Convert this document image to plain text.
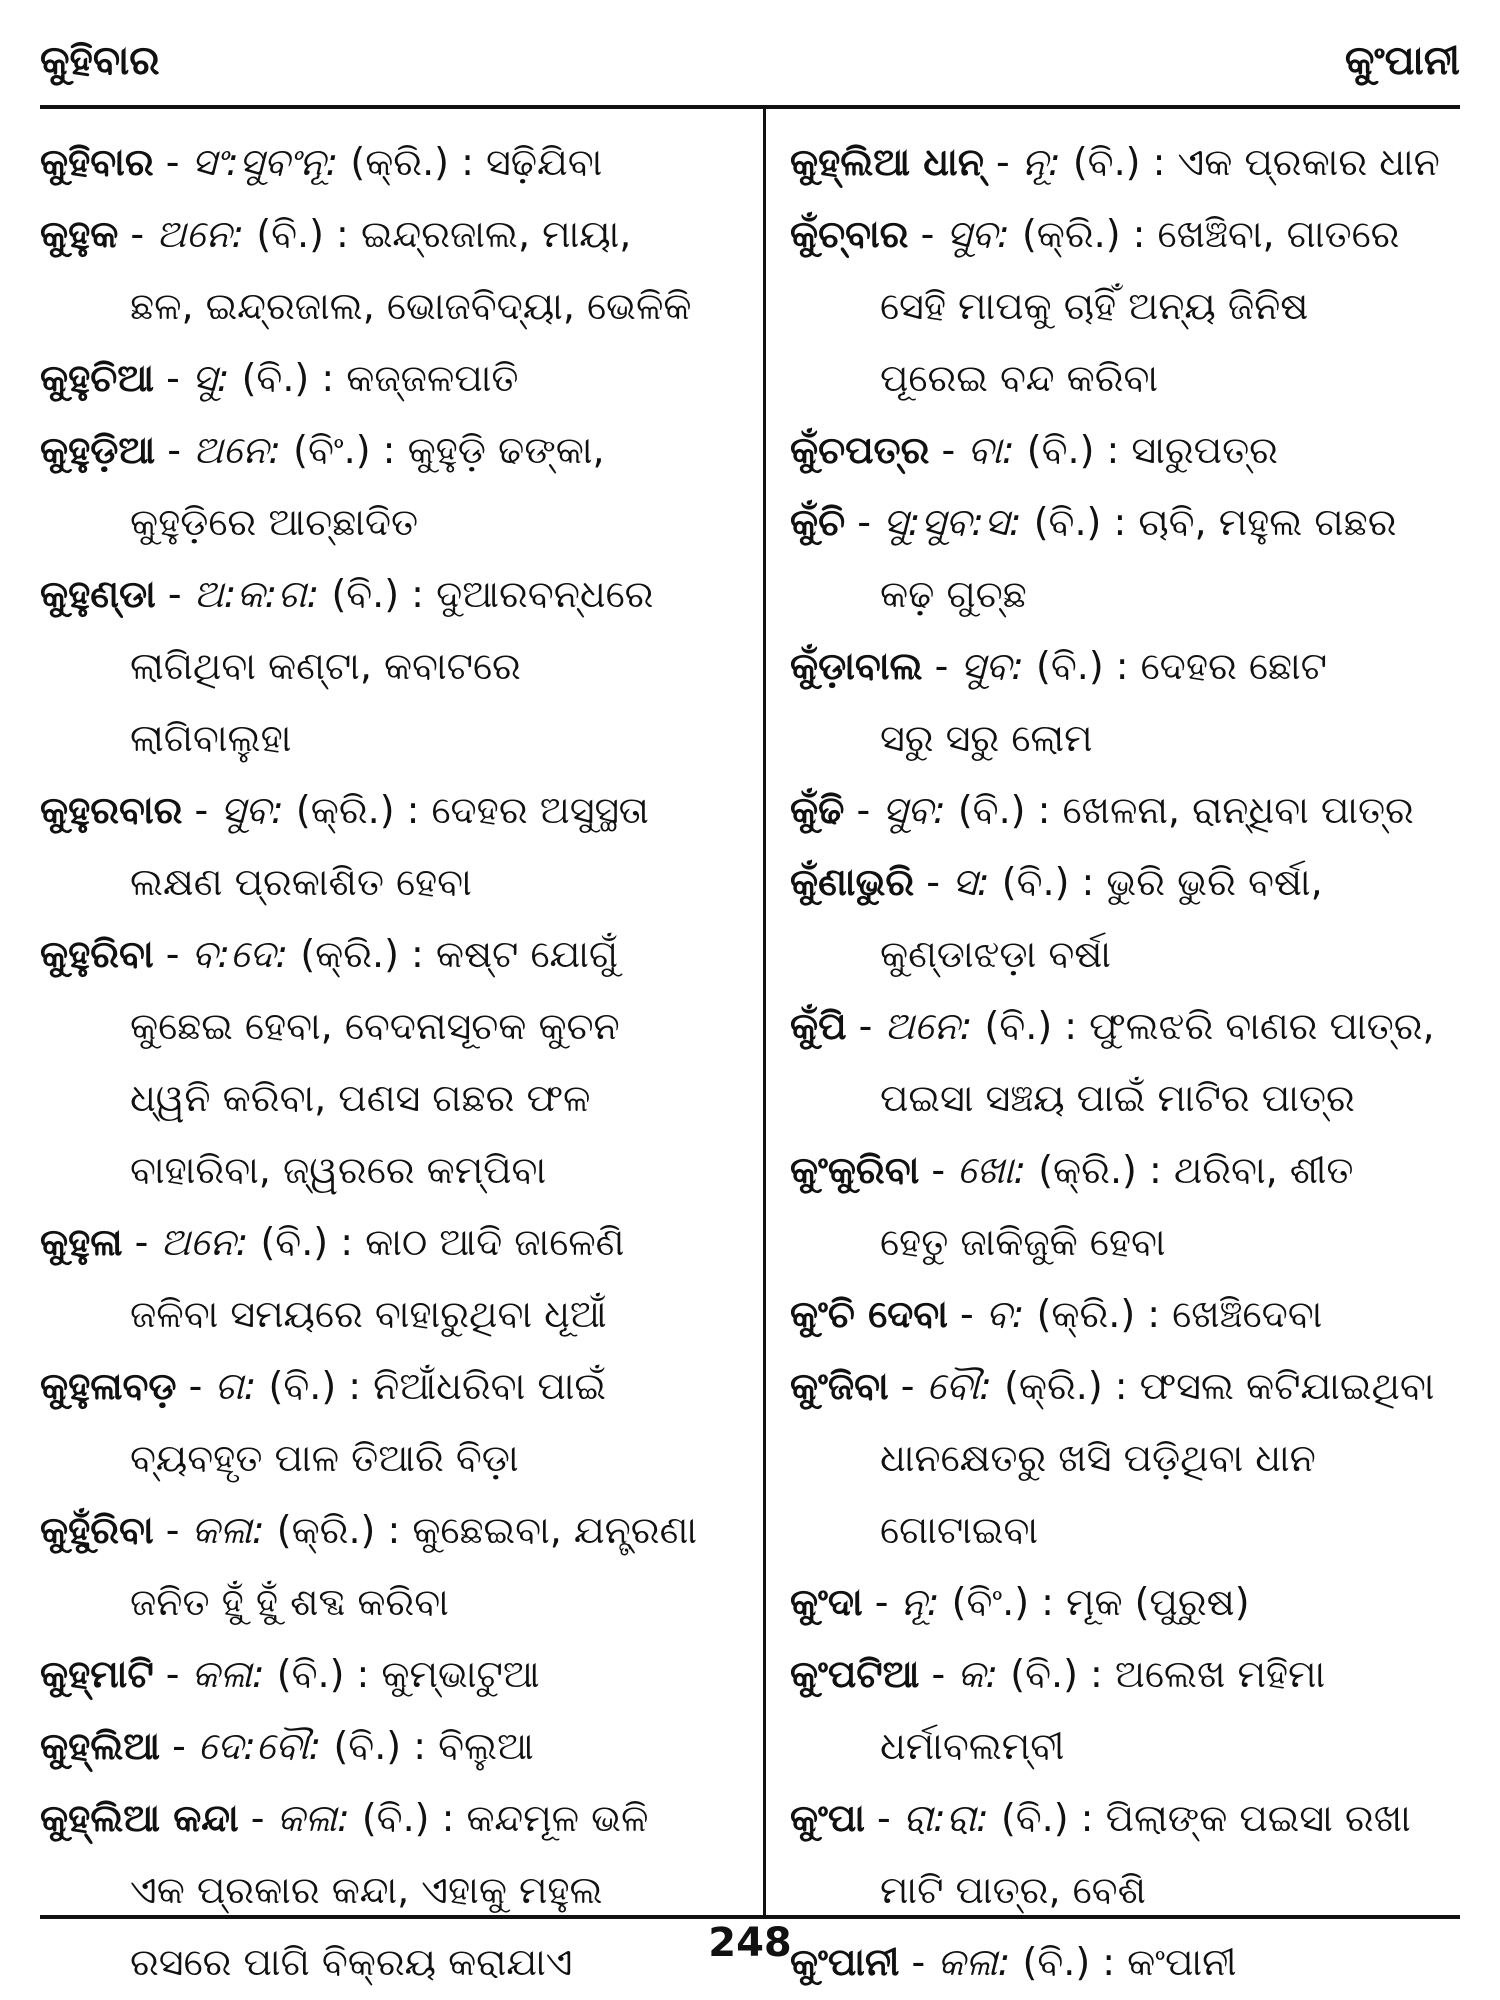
କୁହିବାର	କୁଂପାନୀ
କୁହିବାର - ସଂ:ସୁବଂନୂ: (କ୍ରି.) : ସଢ଼ିଯିବା
କୁହୁକ - ଅନେ: (ବି.) : ଇନ୍ଦ୍ରଜାଲ, ମାୟା,
ଛଳ, ଇନ୍ଦ୍ରଜାଲ, ଭୋଜବିଦ୍ୟା, ଭେଳିକି
କୁହୁଚିଆ - ସୁ: (ବି.) : କଜ୍ଜଳପାତି
କୁହୁଡ଼ିଆ - ଅନେ: (ବିଂ.) : କୁହୁଡ଼ି ଢଙ୍କା,
କୁହୁଡ଼ିରେ ଆଚ୍ଛାଦିତ
କୁହୁଣ୍ଡା - ଅ:କ:ଗ: (ବି.) : ଦୁଆରବନ୍ଧରେ
ଲାଗିଥିବା କଣ୍ଟା, କବାଟରେ
ଲାଗିବାଲୁହା
କୁହୁରବାର - ସୁବ: (କ୍ରି.) : ଦେହର ଅସୁସ୍ଥତା
ଲକ୍ଷଣ ପ୍ରକାଶିତ ହେବା
କୁହୁରିବା - ବ:ଦେ: (କ୍ରି.) : କଷ୍ଟ ଯୋଗୁଁ
କୁଛେଇ ହେବା, ବେଦନାସୂଚକ କୁଚନ
ଧ୍ୱନି କରିବା, ପଣସ ଗଛର ଫଳ
ବାହାରିବା, ଜ୍ୱରରେ କମ୍ପିବା
କୁହୁଳା - ଅନେ: (ବି.) : କାଠ ଆଦି ଜାଳେଣି
ଜଳିବା ସମୟରେ ବାହାରୁଥିବା ଧୂଆଁ
କୁହୁଳାବଡ଼ - ଗ: (ବି.) : ନିଆଁଧରିବା ପାଇଁ
ବ୍ୟବହୃତ ପାଳ ତିଆରି ବିଡ଼ା
କୁହୁଁରିବା - କଳା: (କ୍ରି.) : କୁଛେଇବା, ଯନ୍ତ୍ରଣା
ଜନିତ ହୁଁ ହୁଁ ଶବ୍ଦ କରିବା
କୁହ୍ମାଟି - କଳା: (ବି.) : କୁମ୍ଭାଟୁଆ
କୁହ୍ଲିଆ - ଦେ:ବୌ: (ବି.) : ବିଲୁଆ
କୁହ୍ଲିଆ କନ୍ଦା - କଳା: (ବି.) : କନ୍ଦମୂଳ ଭଳି
ଏକ ପ୍ରକାର କନ୍ଦା, ଏହାକୁ ମହୁଲ
ରସରେ ପାଗି ବିକ୍ରୟ କରାଯାଏ
କୁହ୍ଲିଆ ଧାନ୍ - ନୂ: (ବି.) : ଏକ ପ୍ରକାର ଧାନ
କୁଁଚ୍ବାର - ସୁବ: (କ୍ରି.) : ଖେଞ୍ଚିବା, ଗାତରେ
ସେହି ମାପକୁ ଚାହିଁ ଅନ୍ୟ ଜିନିଷ
ପୂରେଇ ବନ୍ଦ କରିବା
କୁଁଚପତ୍ର - ବା: (ବି.) : ସାରୁପତ୍ର
କୁଁଚି - ସୁ:ସୁବ:ସ: (ବି.) : ଚାବି, ମହୁଲ ଗଛର
କଢ଼ ଗୁଚ୍ଛ
କୁଁଡ଼ାବାଲ - ସୁବ: (ବି.) : ଦେହର ଛୋଟ
ସରୁ ସରୁ ଲୋମ
କୁଁଢି - ସୁବ: (ବି.) : ଖେଳନା, ରାନ୍ଧିବା ପାତ୍ର
କୁଁଣାଭୁରି - ସ: (ବି.) : ଭୁରି ଭୁରି ବର୍ଷା,
କୁଣ୍ଡାଝଡ଼ା ବର୍ଷା
କୁଁପି - ଅନେ: (ବି.) : ଫୁଲଝରି ବାଣର ପାତ୍ର,
ପଇସା ସଞ୍ଚୟ ପାଇଁ ମାଟିର ପାତ୍ର
କୁଂକୁରିବା - ଖୋ: (କ୍ରି.) : ଥରିବା, ଶୀତ
ହେତୁ ଜାକିଜୁକି ହେବା
କୁଂଚି ଦେବା - ବ: (କ୍ରି.) : ଖେଞ୍ଚିଦେବା
କୁଂଜିବା - ବୌ: (କ୍ରି.) : ଫସଲ କଟିଯାଇଥିବା
ଧାନକ୍ଷେତରୁ ଖସି ପଡ଼ିଥିବା ଧାନ
ଗୋଟାଇବା
କୁଂଦା - ନୂ: (ବିଂ.) : ମୂକ (ପୁରୁଷ)
କୁଂପଟିଆ - କ: (ବି.) : ଅଲେଖ ମହିମା
ଧର୍ମାବଲମ୍ବୀ
କୁଂପା - ରା:ରା: (ବି.) : ପିଲାଙ୍କ ପଇସା ରଖା
ମାଟି ପାତ୍ର, ବେଶି
କୁଂପାନୀ - କଳା: (ବି.) : କଂପାନୀ
248
